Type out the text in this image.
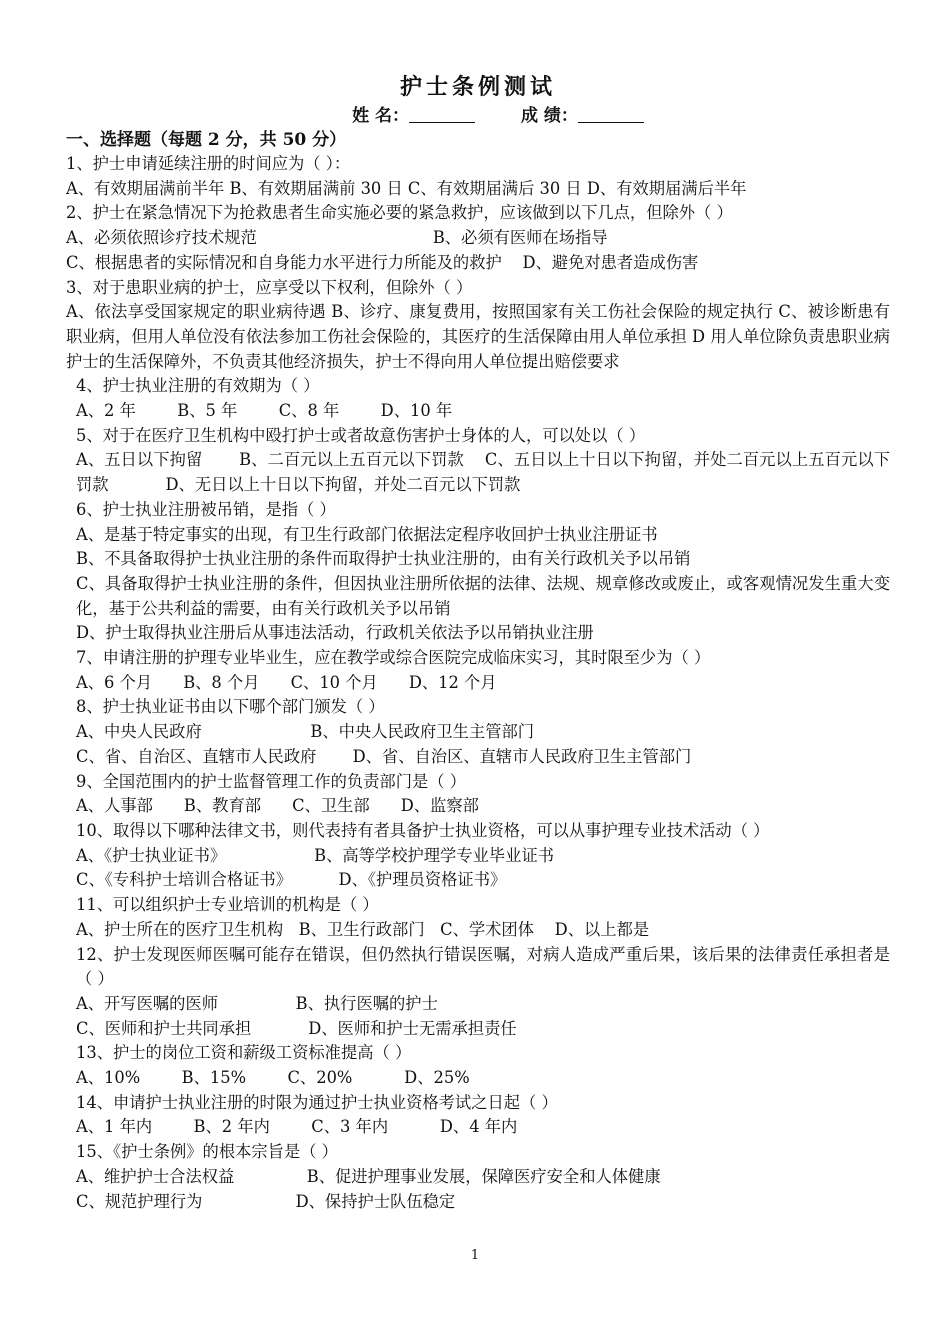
护士条例测试
姓 名：	成 绩：
一、选择题（每题 2 分，共 50 分）
1、护士申请延续注册的时间应为（ ）：
A、有效期届满前半年 B、有效期届满前 30 日 C、有效期届满后 30 日 D、有效期届满后半年
2、护士在紧急情况下为抢救患者生命实施必要的紧急救护，应该做到以下几点，但除外（ ）
A、必须依照诊疗技术规范                                  B、必须有医师在场指导
C、根据患者的实际情况和自身能力水平进行力所能及的救护    D、避免对患者造成伤害
3、对于患职业病的护士，应享受以下权利，但除外（ ）
A、依法享受国家规定的职业病待遇 B、诊疗、康复费用，按照国家有关工伤社会保险的规定执行 C、被诊断患有职业病，但用人单位没有依法参加工伤社会保险的，其医疗的生活保障由用人单位承担 D 用人单位除负责患职业病护士的生活保障外，不负责其他经济损失，护士不得向用人单位提出赔偿要求
4、护士执业注册的有效期为（ ）
A、2 年        B、5 年        C、8 年        D、10 年
5、对于在医疗卫生机构中殴打护士或者故意伤害护士身体的人，可以处以（ ）
A、五日以下拘留       B、二百元以上五百元以下罚款    C、五日以上十日以下拘留，并处二百元以上五百元以下罚款           D、无日以上十日以下拘留，并处二百元以下罚款
6、护士执业注册被吊销，是指（ ）
A、是基于特定事实的出现，有卫生行政部门依据法定程序收回护士执业注册证书
B、不具备取得护士执业注册的条件而取得护士执业注册的，由有关行政机关予以吊销
C、具备取得护士执业注册的条件，但因执业注册所依据的法律、法规、规章修改或废止，或客观情况发生重大变化，基于公共利益的需要，由有关行政机关予以吊销
D、护士取得执业注册后从事违法活动，行政机关依法予以吊销执业注册
7、申请注册的护理专业毕业生，应在教学或综合医院完成临床实习，其时限至少为（ ）
A、6 个月      B、8 个月      C、10 个月      D、12 个月
8、护士执业证书由以下哪个部门颁发（ ）
A、中央人民政府                     B、中央人民政府卫生主管部门
C、省、自治区、直辖市人民政府       D、省、自治区、直辖市人民政府卫生主管部门
9、全国范围内的护士监督管理工作的负责部门是（ ）
A、人事部      B、教育部      C、卫生部      D、监察部
10、取得以下哪种法律文书，则代表持有者具备护士执业资格，可以从事护理专业技术活动（ ）
A、《护士执业证书》                 B、高等学校护理学专业毕业证书
C、《专科护士培训合格证书》         D、《护理员资格证书》
11、可以组织护士专业培训的机构是（ ）
A、护士所在的医疗卫生机构   B、卫生行政部门   C、学术团体    D、以上都是
12、护士发现医师医嘱可能存在错误，但仍然执行错误医嘱，对病人造成严重后果，该后果的法律责任承担者是（ ）
A、开写医嘱的医师               B、执行医嘱的护士
C、医师和护士共同承担           D、医师和护士无需承担责任
13、护士的岗位工资和薪级工资标准提高（ ）
A、10%        B、15%        C、20%          D、25%
14、申请护士执业注册的时限为通过护士执业资格考试之日起（ ）
A、1 年内        B、2 年内        C、3 年内          D、4 年内
15、《护士条例》的根本宗旨是（ ）
A、维护护士合法权益              B、促进护理事业发展，保障医疗安全和人体健康
C、规范护理行为                  D、保持护士队伍稳定
1
